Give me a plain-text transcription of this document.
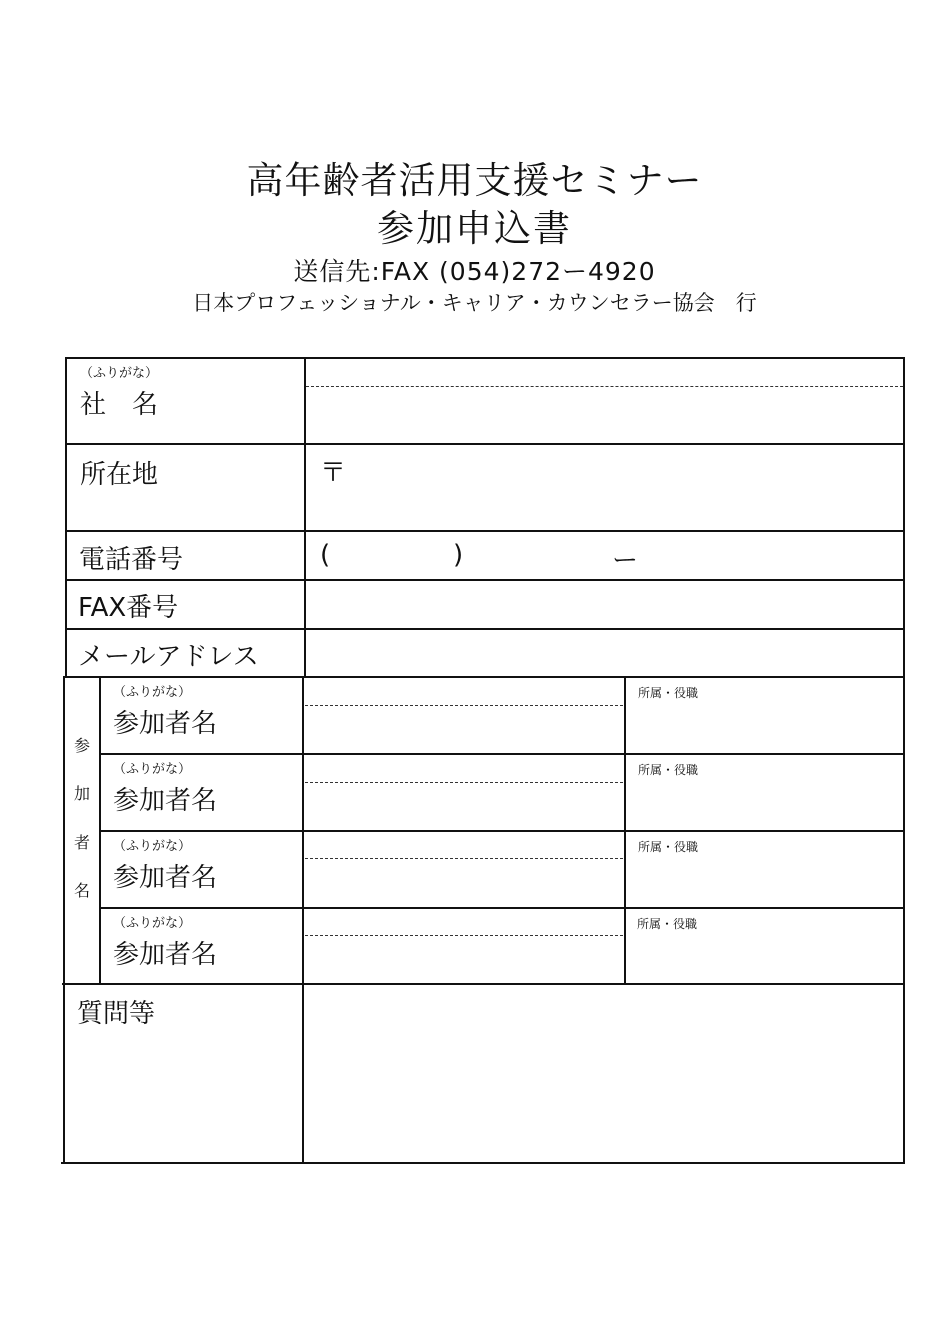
高年齢者活用支援セミナー
参加申込書
送信先:FAX (054)272ー4920
日本プロフェッショナル・キャリア・カウンセラー協会　行
（ふりがな）
社　名
所在地	〒
電話番号	(	)	ー
FAX番号
メールアドレス
参
加
者
名
（ふりがな）
参加者名
所属・役職
（ふりがな）
参加者名
所属・役職
（ふりがな）
参加者名
所属・役職
（ふりがな）
参加者名
所属・役職
質問等
